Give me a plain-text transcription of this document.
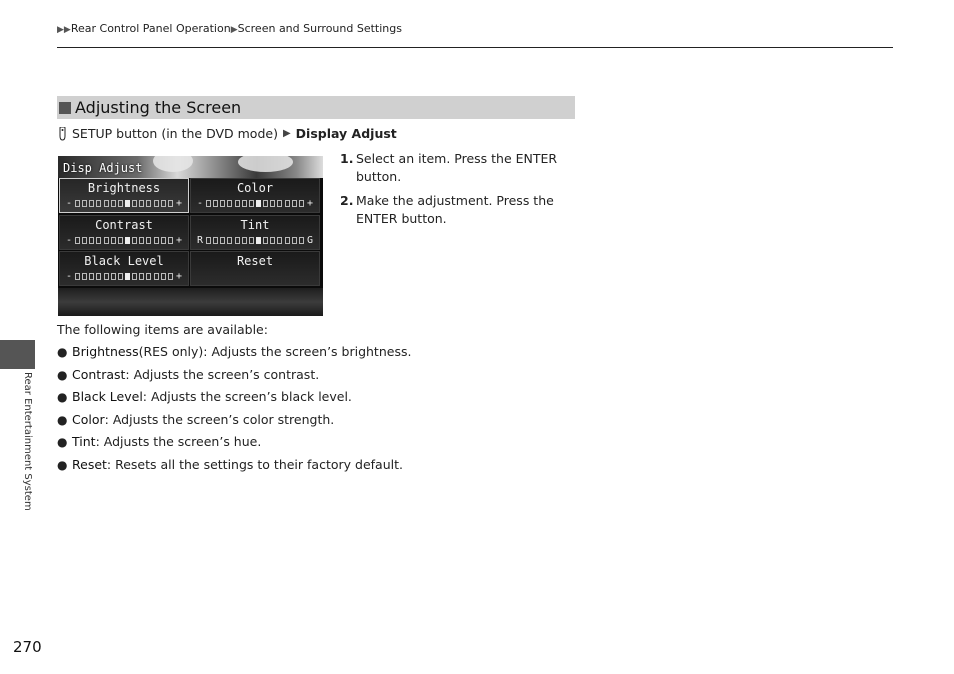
▶▶Rear Control Panel Operation▶Screen and Surround Settings
Adjusting the Screen
SETUP button (in the DVD mode) ▶ Display Adjust
Disp Adjust
Brightness
-	+
Color
-	+
Contrast
-	+
Tint
R	G
Black Level
-	+
Reset
1. Select an item. Press the ENTER button.
2. Make the adjustment. Press the ENTER button.
The following items are available:
● Brightness (RES only): Adjusts the screen’s brightness.
● Contrast : Adjusts the screen’s contrast.
● Black Level : Adjusts the screen’s black level.
● Color : Adjusts the screen’s color strength.
● Tint : Adjusts the screen’s hue.
● Reset : Resets all the settings to their factory default.
Rear Entertainment System
270
